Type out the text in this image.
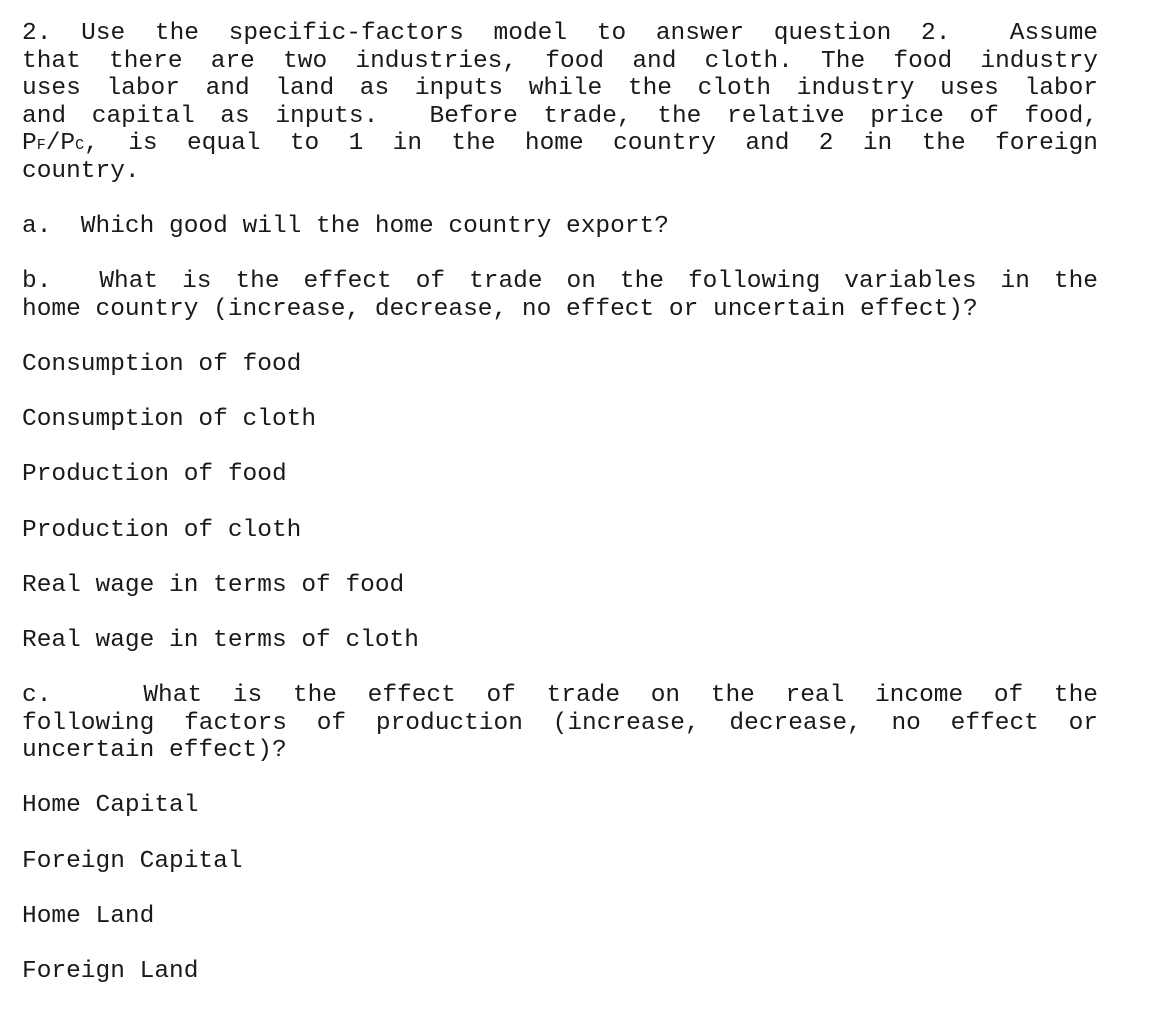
2. Use the specific-factors model to answer question 2.  Assume
that there are two industries, food and cloth. The food industry
uses labor and land as inputs while the cloth industry uses labor
and capital as inputs.  Before trade, the relative price of food,
PF/PC , is equal to 1 in the home country and 2 in the foreign
country.
a.  Which good will the home country export?
b.  What is the effect of trade on the following variables in the
home country (increase, decrease, no effect or uncertain effect)?
Consumption of food
Consumption of cloth
Production of food
Production of cloth
Real wage in terms of food
Real wage in terms of cloth
c.   What is the effect of trade on the real income of the
following factors of production (increase, decrease, no effect or
uncertain effect)?
Home Capital
Foreign Capital
Home Land
Foreign Land
